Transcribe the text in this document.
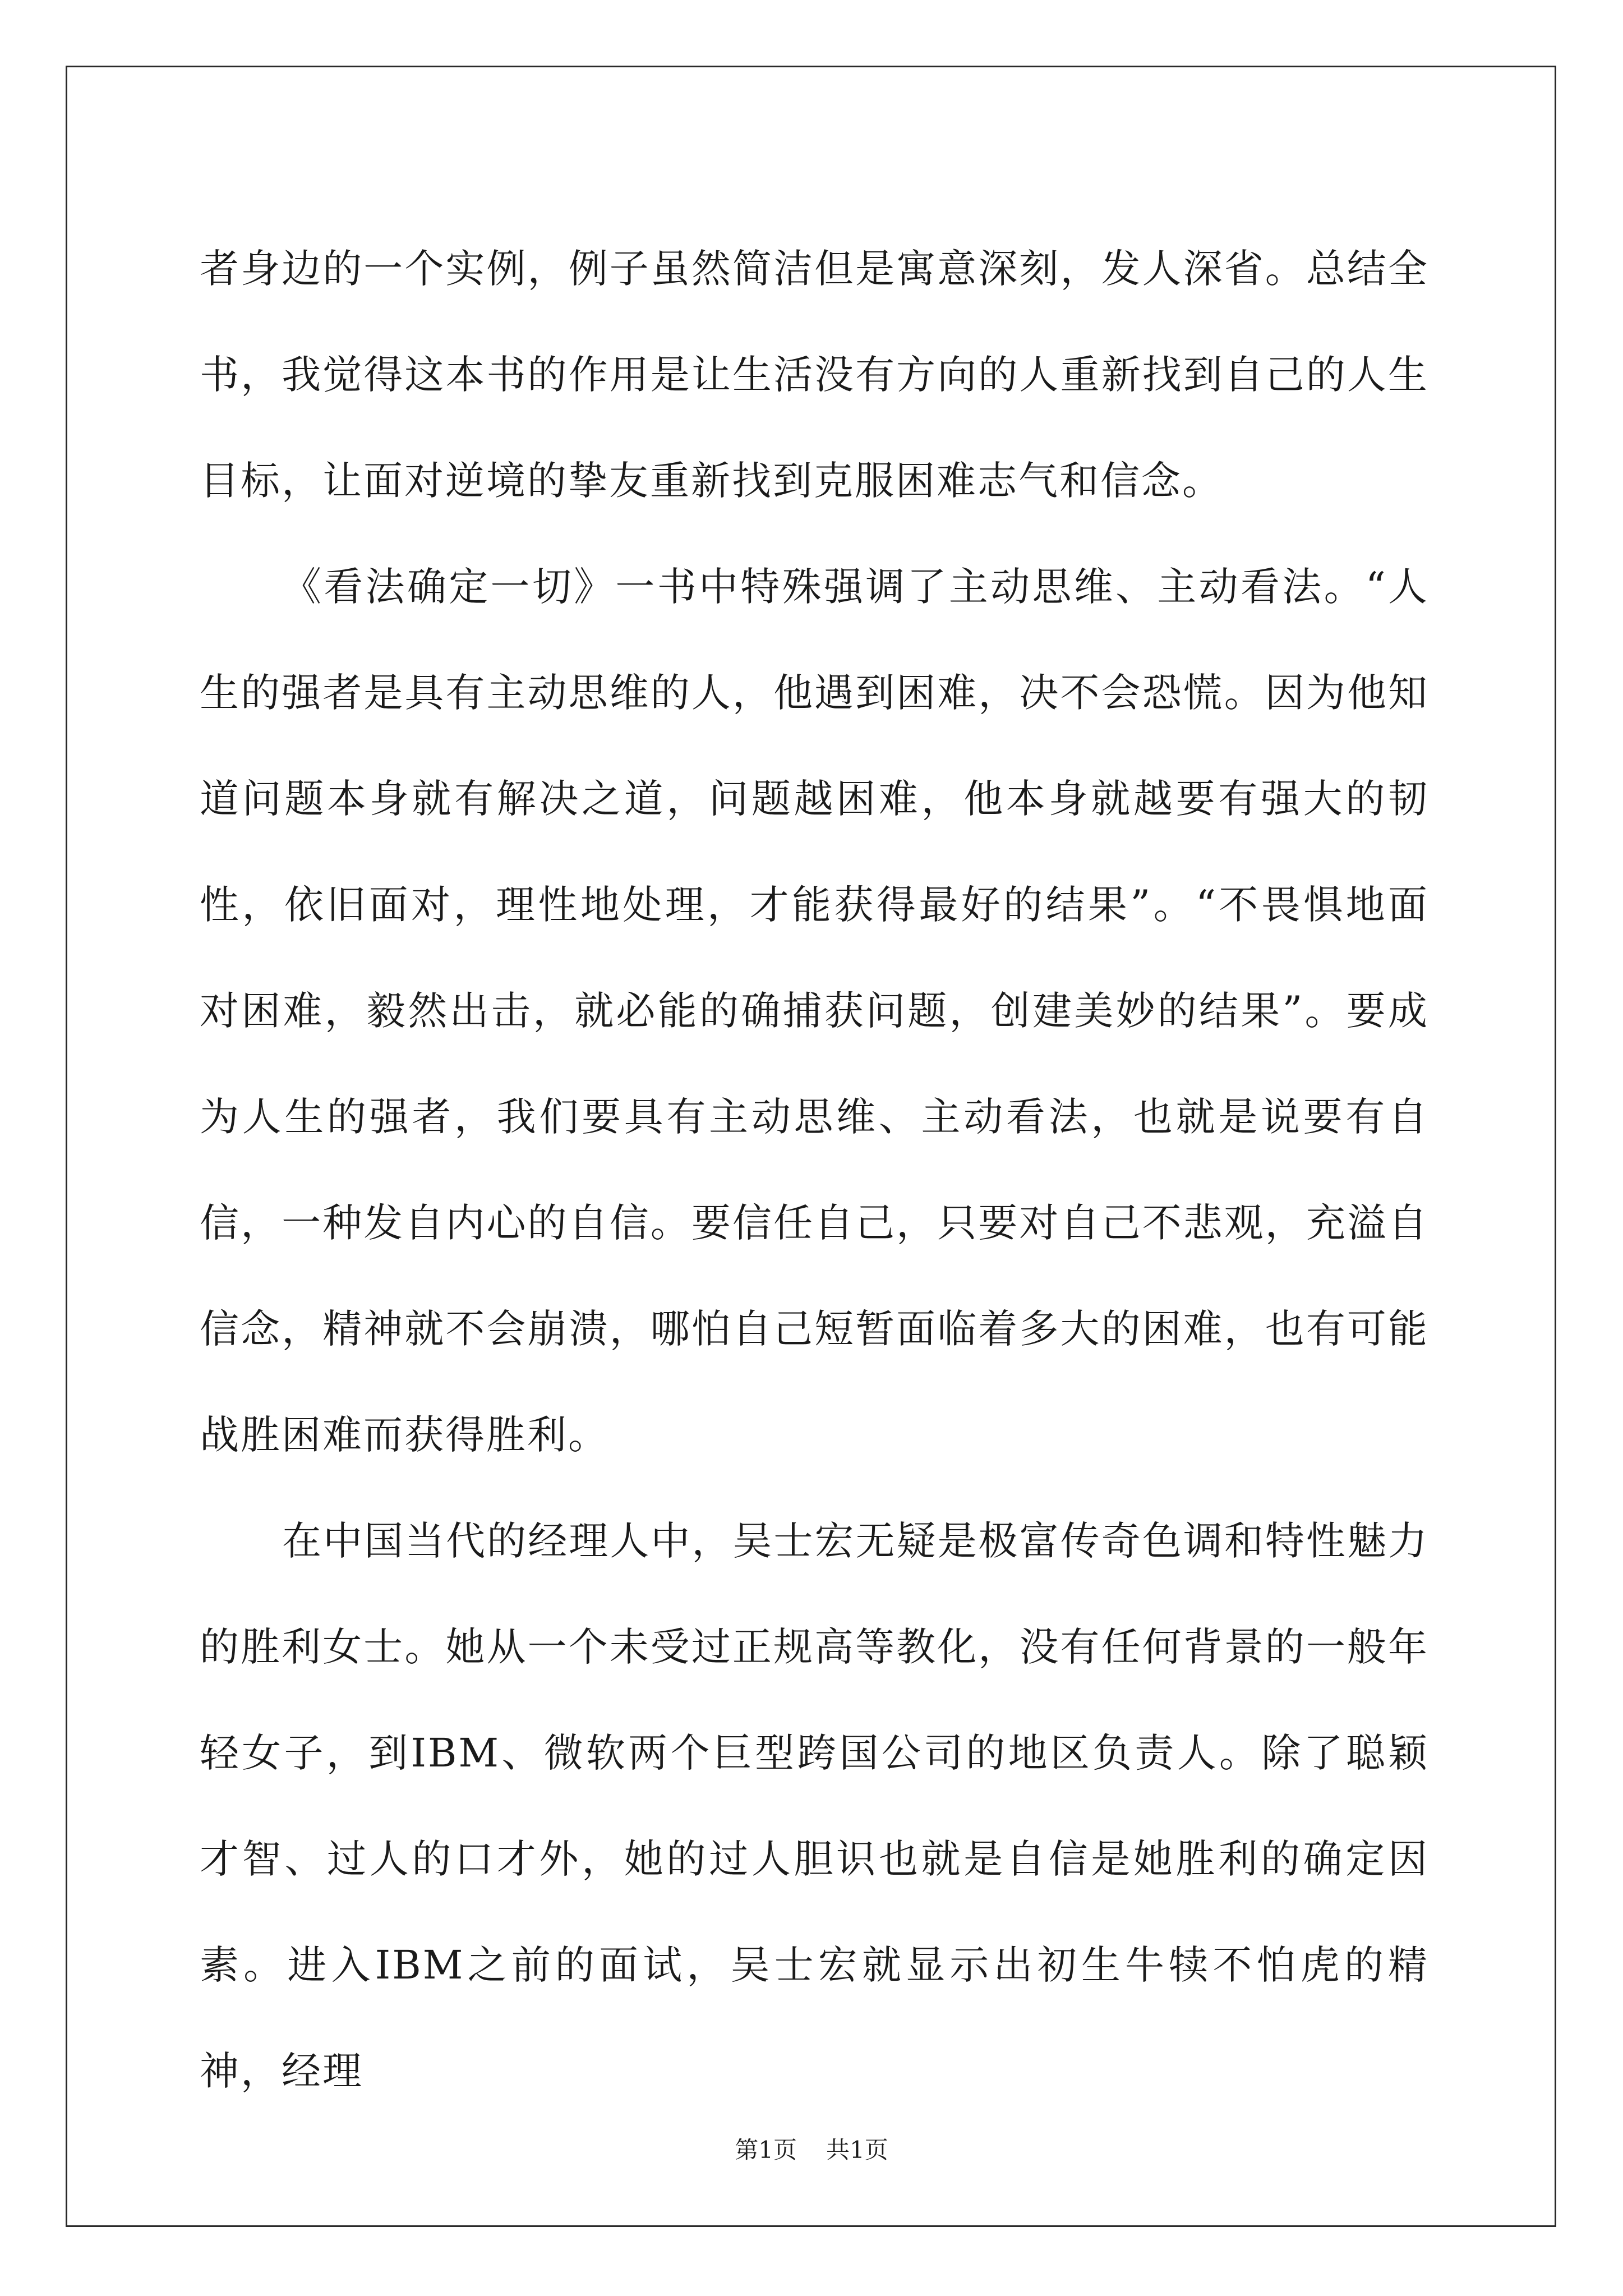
者身边的一个实例，例子虽然简洁但是寓意深刻，发人深省。总结全书，我觉得这本书的作用是让生活没有方向的人重新找到自己的人生目标，让面对逆境的挚友重新找到克服困难志气和信念。

《看法确定一切》一书中特殊强调了主动思维、主动看法。“人生的强者是具有主动思维的人，他遇到困难，决不会恐慌。因为他知道问题本身就有解决之道，问题越困难，他本身就越要有强大的韧性，依旧面对，理性地处理，才能获得最好的结果”。“不畏惧地面对困难，毅然出击，就必能的确捕获问题，创建美妙的结果”。要成为人生的强者，我们要具有主动思维、主动看法，也就是说要有自信，一种发自内心的自信。要信任自己，只要对自己不悲观，充溢自信念，精神就不会崩溃，哪怕自己短暂面临着多大的困难，也有可能战胜困难而获得胜利。

在中国当代的经理人中，吴士宏无疑是极富传奇色调和特性魅力的胜利女士。她从一个未受过正规高等教化，没有任何背景的一般年轻女子，到IBM、微软两个巨型跨国公司的地区负责人。除了聪颖才智、过人的口才外，她的过人胆识也就是自信是她胜利的确定因素。进入IBM之前的面试，吴士宏就显示出初生牛犊不怕虎的精神，经理

第1页 共1页
